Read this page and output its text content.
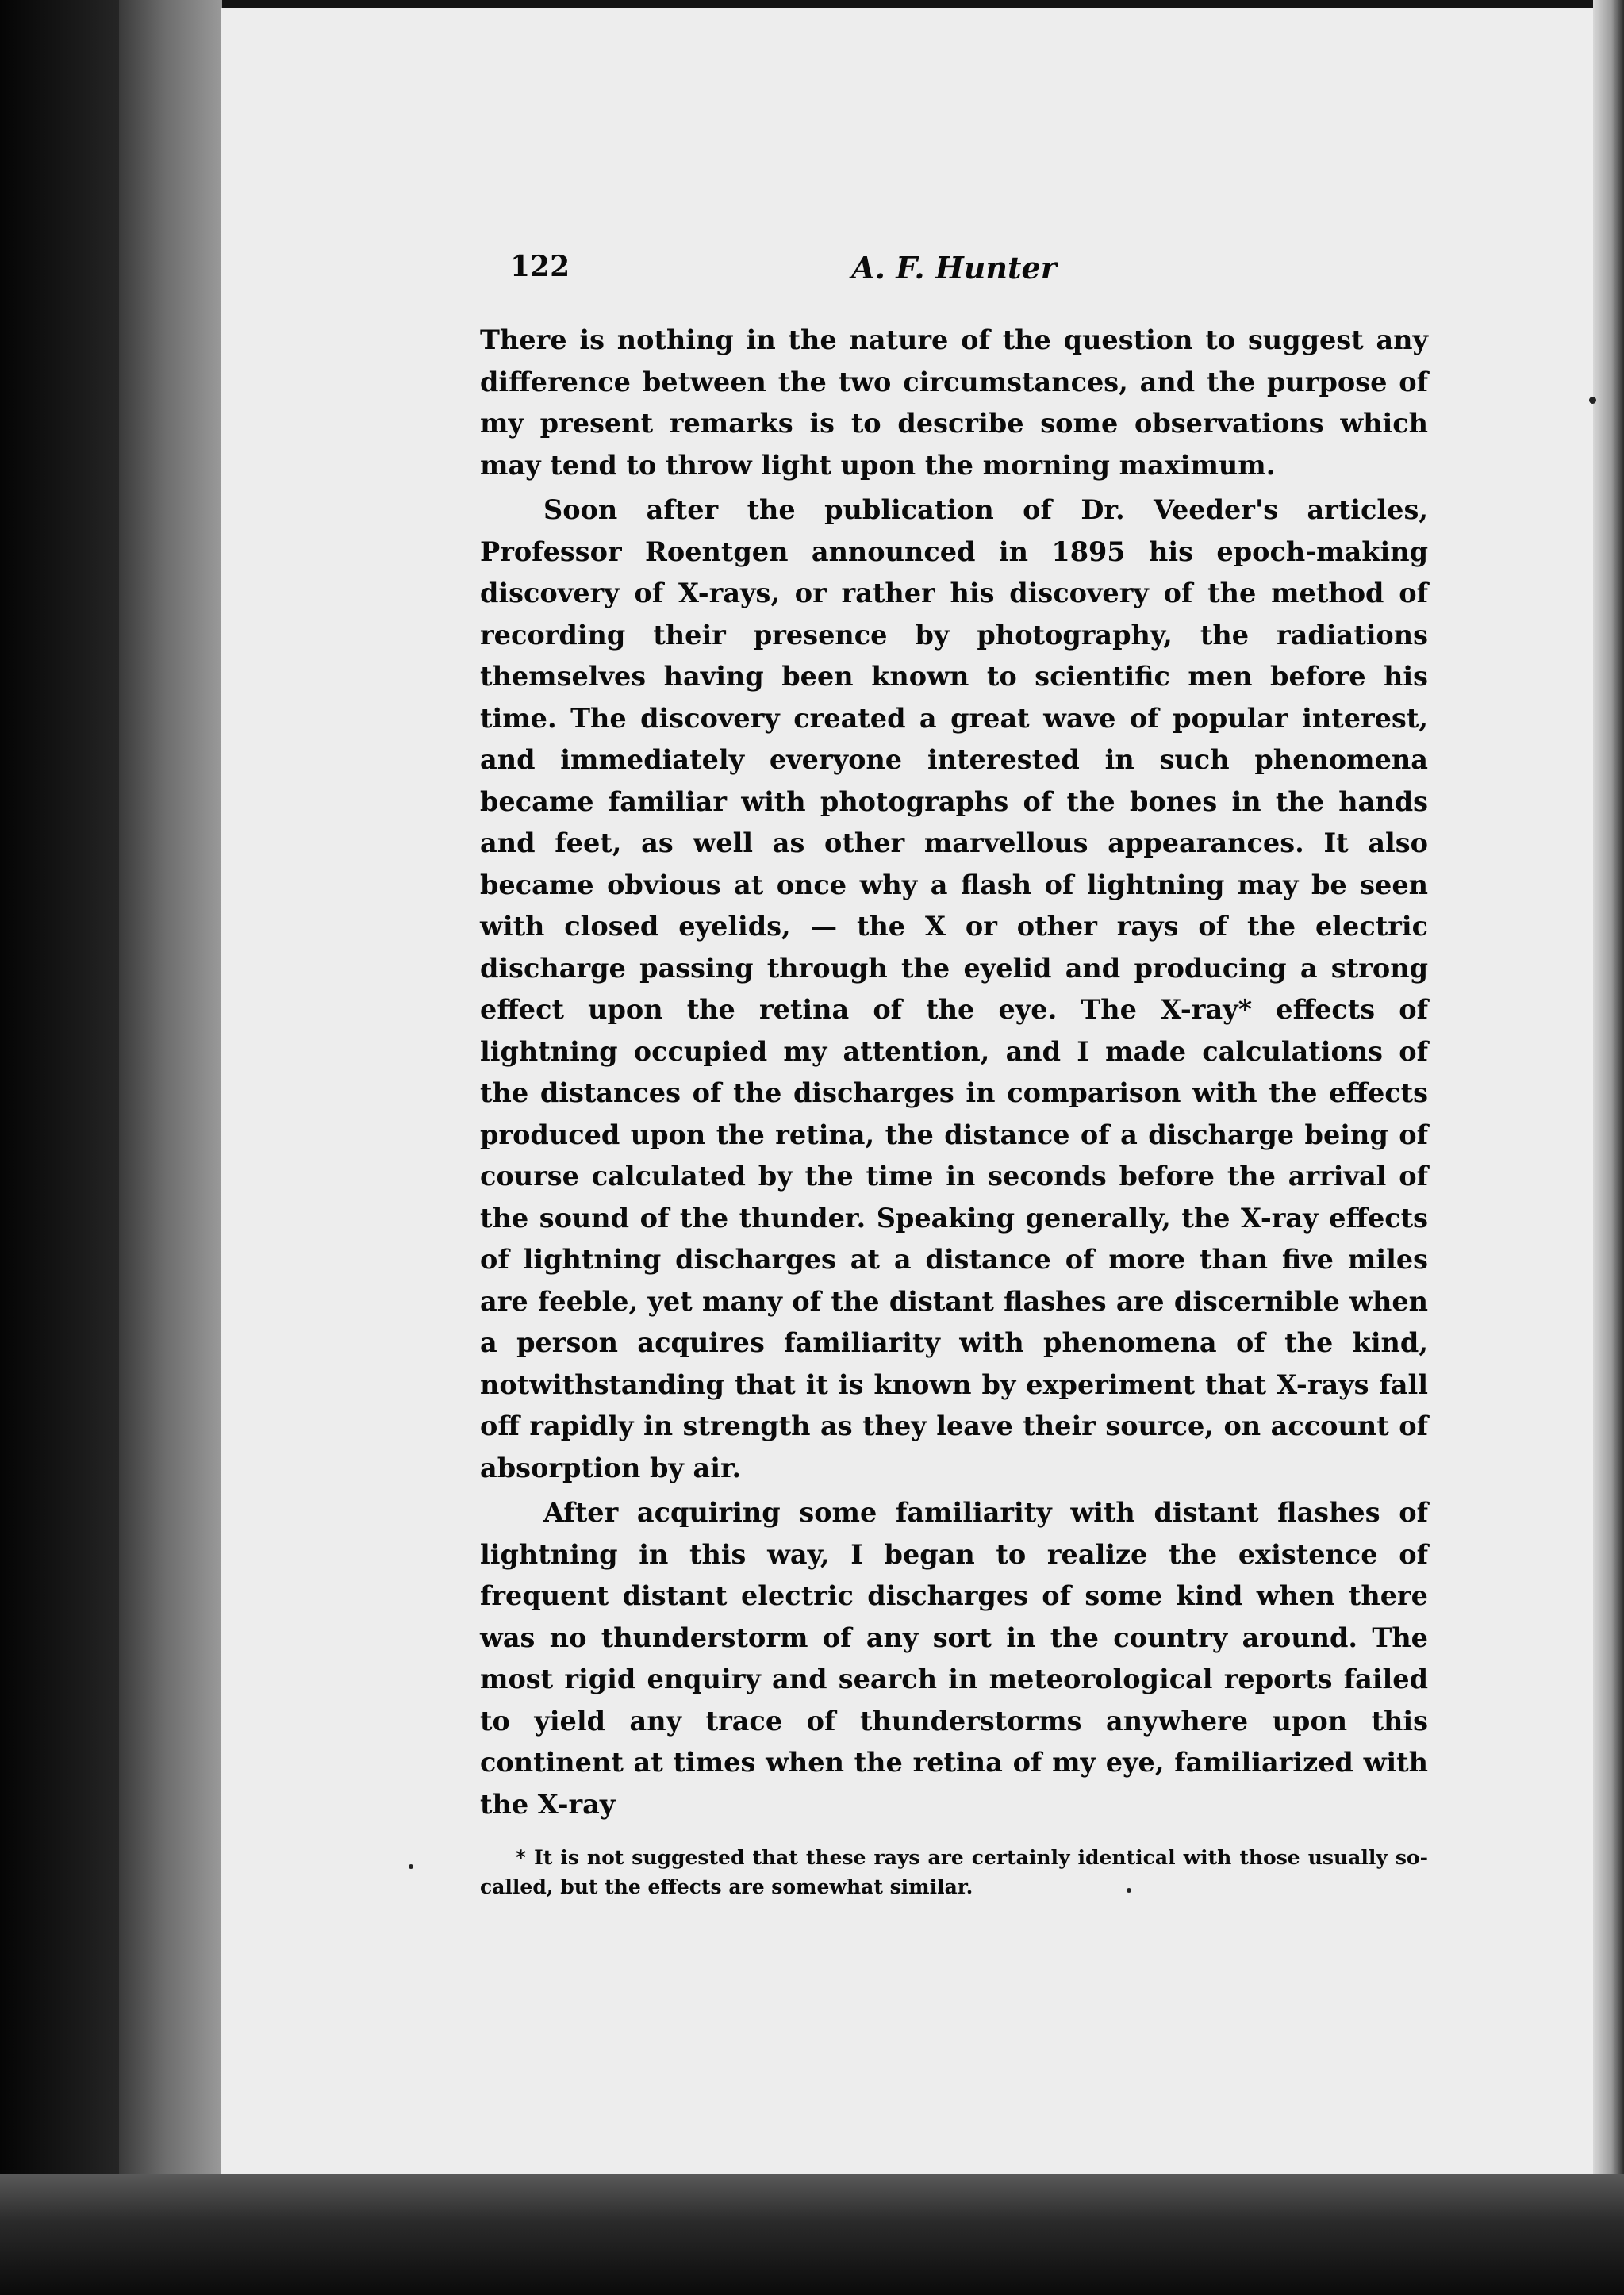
122	A. F. Hunter

There is nothing in the nature of the question to suggest any difference between the two circumstances, and the purpose of my present remarks is to describe some observations which may tend to throw light upon the morning maximum.

Soon after the publication of Dr. Veeder's articles, Professor Roentgen announced in 1895 his epoch-making discovery of X-rays, or rather his discovery of the method of recording their presence by photography, the radiations themselves having been known to scientific men before his time. The discovery created a great wave of popular interest, and immediately everyone interested in such phenomena became familiar with photographs of the bones in the hands and feet, as well as other marvellous appearances. It also became obvious at once why a flash of lightning may be seen with closed eyelids, — the X or other rays of the electric discharge passing through the eyelid and producing a strong effect upon the retina of the eye. The X-ray* effects of lightning occupied my attention, and I made calculations of the distances of the discharges in comparison with the effects produced upon the retina, the distance of a discharge being of course calculated by the time in seconds before the arrival of the sound of the thunder. Speaking generally, the X-ray effects of lightning discharges at a distance of more than five miles are feeble, yet many of the distant flashes are discernible when a person acquires familiarity with phenomena of the kind, notwithstanding that it is known by experiment that X-rays fall off rapidly in strength as they leave their source, on account of absorption by air.

After acquiring some familiarity with distant flashes of lightning in this way, I began to realize the existence of frequent distant electric discharges of some kind when there was no thunderstorm of any sort in the country around. The most rigid enquiry and search in meteorological reports failed to yield any trace of thunderstorms anywhere upon this continent at times when the retina of my eye, familiarized with the X-ray

* It is not suggested that these rays are certainly identical with those usually so-called, but the effects are somewhat similar.
